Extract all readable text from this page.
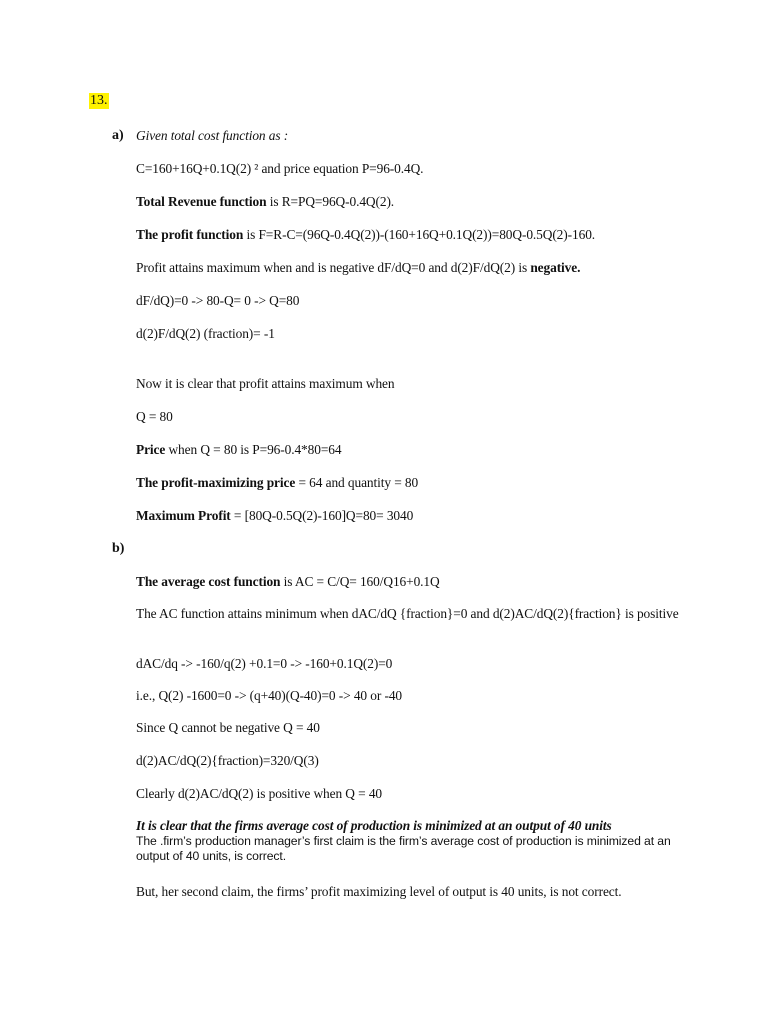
13.
a) Given total cost function as :
C=160+16Q+0.1Q(2) ² and price equation P=96-0.4Q.
Total Revenue function is R=PQ=96Q-0.4Q(2).
The profit function is F=R-C=(96Q-0.4Q(2))-(160+16Q+0.1Q(2))=80Q-0.5Q(2)-160.
Profit attains maximum when and is negative dF/dQ=0 and d(2)F/dQ(2) is negative.
dF/dQ)=0 -> 80-Q= 0 -> Q=80
d(2)F/dQ(2) (fraction)= -1
Now it is clear that profit attains maximum when
Q = 80
Price when Q = 80 is P=96-0.4*80=64
The profit-maximizing price = 64 and quantity = 80
Maximum Profit = [80Q-0.5Q(2)-160]Q=80= 3040
b)
The average cost function is AC = C/Q= 160/Q16+0.1Q
The AC function attains minimum when dAC/dQ {fraction}=0 and d(2)AC/dQ(2){fraction} is positive
dAC/dq -> -160/q(2) +0.1=0 -> -160+0.1Q(2)=0
i.e., Q(2) -1600=0 -> (q+40)(Q-40)=0 -> 40 or -40
Since Q cannot be negative Q = 40
d(2)AC/dQ(2){fraction)=320/Q(3)
Clearly d(2)AC/dQ(2) is positive when Q = 40
It is clear that the firms average cost of production is minimized at an output of 40 units
The .firm’s production manager’s first claim is the firm’s average cost of production is minimized at an output of 40 units, is correct.
But, her second claim, the firms’ profit maximizing level of output is 40 units, is not correct.
